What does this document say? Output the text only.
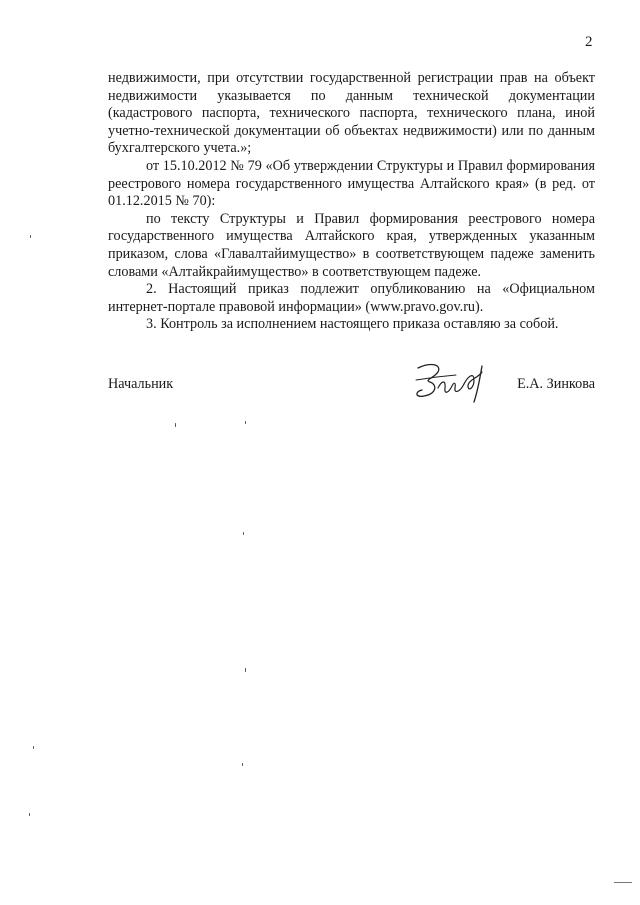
2

недвижимости, при отсутствии государственной регистрации прав на объект недвижимости указывается по данным технической документации (кадастрового паспорта, технического паспорта, технического плана, иной учетно-технической документации об объектах недвижимости) или по данным бухгалтерского учета.»;

от 15.10.2012 № 79 «Об утверждении Структуры и Правил формирования реестрового номера государственного имущества Алтайского края» (в ред. от 01.12.2015 № 70):

по тексту Структуры и Правил формирования реестрового номера государственного имущества Алтайского края, утвержденных указанным приказом, слова «Главалтайимущество» в соответствующем падеже заменить словами «Алтайкрайимущество» в соответствующем падеже.

2. Настоящий приказ подлежит опубликованию на «Официальном интернет-портале правовой информации» (www.pravo.gov.ru).

3. Контроль за исполнением настоящего приказа оставляю за собой.

Начальник	Е.А. Зинкова
